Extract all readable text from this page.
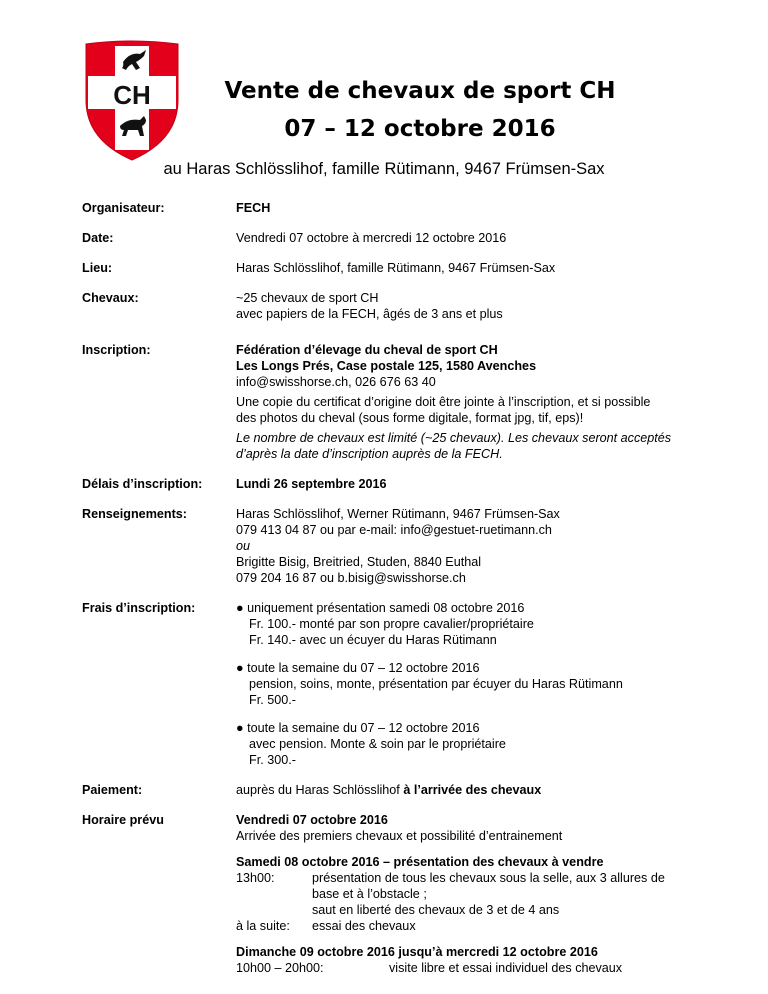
CH	Vente de chevaux de sport CH
07 – 12 octobre 2016
au Haras Schlösslihof, famille Rütimann, 9467 Frümsen-Sax
Organisateur:	FECH
Date:	Vendredi 07 octobre à mercredi 12 octobre 2016
Lieu:	Haras Schlösslihof, famille Rütimann, 9467 Frümsen-Sax
Chevaux:	~25 chevaux de sport CH
avec papiers de la FECH, âgés de 3 ans et plus
Inscription:	Fédération d’élevage du cheval de sport CH
Les Longs Prés, Case postale 125, 1580 Avenches
info@swisshorse.ch, 026 676 63 40
Une copie du certificat d’origine doit être jointe à l’inscription, et si possible
des photos du cheval (sous forme digitale, format jpg, tif, eps)!
Le nombre de chevaux est limité (~25 chevaux). Les chevaux seront acceptés
d’après la date d’inscription auprès de la FECH.
Délais d’inscription:	Lundi 26 septembre 2016
Renseignements:	Haras Schlösslihof, Werner Rütimann, 9467 Frümsen-Sax
079 413 04 87 ou par e-mail: info@gestuet-ruetimann.ch
ou
Brigitte Bisig, Breitried, Studen, 8840 Euthal
079 204 16 87 ou b.bisig@swisshorse.ch
Frais d’inscription:	● uniquement présentation samedi 08 octobre 2016
Fr. 100.- monté par son propre cavalier/propriétaire
Fr. 140.- avec un écuyer du Haras Rütimann
● toute la semaine du 07 – 12 octobre 2016
pension, soins, monte, présentation par écuyer du Haras Rütimann
Fr. 500.-
● toute la semaine du 07 – 12 octobre 2016
avec pension. Monte & soin par le propriétaire
Fr. 300.-
Paiement:	auprès du Haras Schlösslihof à l’arrivée des chevaux
Horaire prévu	Vendredi 07 octobre 2016
Arrivée des premiers chevaux et possibilité d’entrainement
Samedi 08 octobre 2016 – présentation des chevaux à vendre
13h00:	présentation de tous les chevaux sous la selle, aux 3 allures de
base et à l’obstacle ;
saut en liberté des chevaux de 3 et de 4 ans
à la suite:	essai des chevaux
Dimanche 09 octobre 2016 jusqu’à mercredi 12 octobre 2016
10h00 – 20h00:	visite libre et essai individuel des chevaux
